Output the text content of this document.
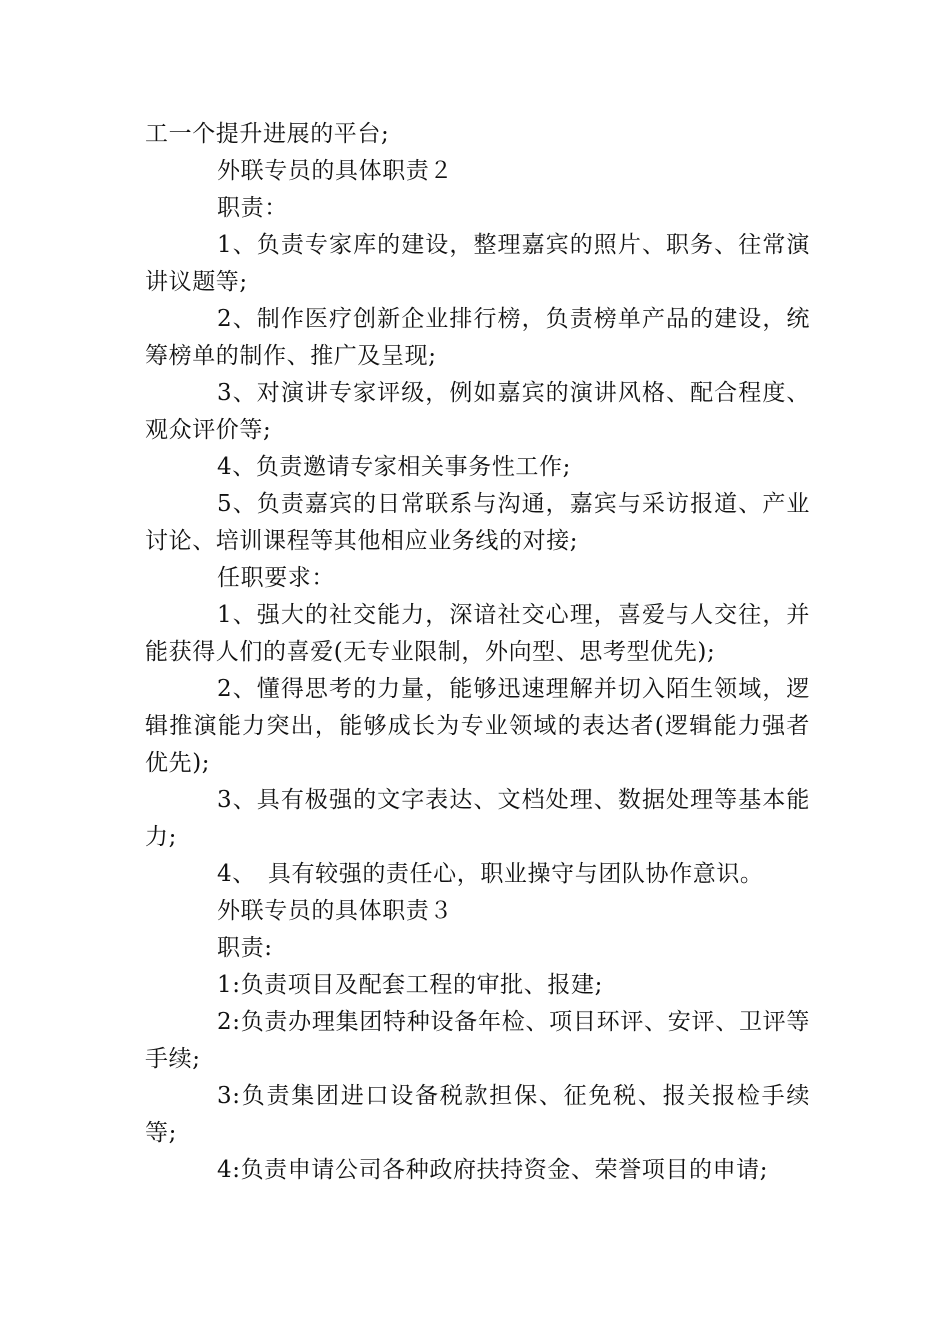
工一个提升进展的平台;

外联专员的具体职责２

职责：

1、负责专家库的建设，整理嘉宾的照片、职务、往常演讲议题等;

2、制作医疗创新企业排行榜，负责榜单产品的建设，统筹榜单的制作、推广及呈现;

3、对演讲专家评级，例如嘉宾的演讲风格、配合程度、观众评价等;

4、负责邀请专家相关事务性工作;

5、负责嘉宾的日常联系与沟通，嘉宾与采访报道、产业讨论、培训课程等其他相应业务线的对接;

任职要求：

1、强大的社交能力，深谙社交心理，喜爱与人交往，并能获得人们的喜爱(无专业限制，外向型、思考型优先);

2、懂得思考的力量，能够迅速理解并切入陌生领域，逻辑推演能力突出，能够成长为专业领域的表达者(逻辑能力强者优先);

3、具有极强的文字表达、文档处理、数据处理等基本能力;

4、　具有较强的责任心，职业操守与团队协作意识。

外联专员的具体职责３

职责:

1:负责项目及配套工程的审批、报建;

2:负责办理集团特种设备年检、项目环评、安评、卫评等手续;

3:负责集团进口设备税款担保、征免税、报关报检手续等;

4:负责申请公司各种政府扶持资金、荣誉项目的申请;
